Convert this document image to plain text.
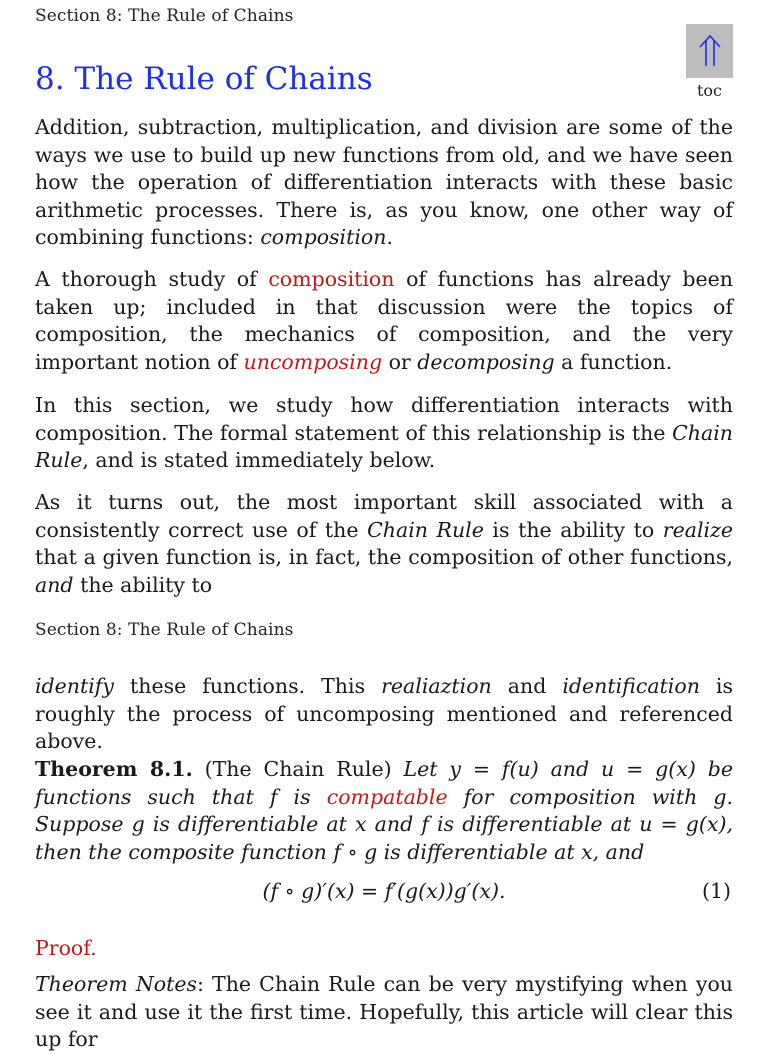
Section 8: The Rule of Chains
toc
8. The Rule of Chains

Addition, subtraction, multiplication, and division are some of the ways we use to build up new functions from old, and we have seen how the operation of differentiation interacts with these basic arithmetic processes. There is, as you know, one other way of combining functions: composition.

A thorough study of composition of functions has already been taken up; included in that discussion were the topics of composition, the mechanics of composition, and the very important notion of uncomposing or decomposing a function.

In this section, we study how differentiation interacts with composition. The formal statement of this relationship is the Chain Rule, and is stated immediately below.

As it turns out, the most important skill associated with a consistently correct use of the Chain Rule is the ability to realize that a given function is, in fact, the composition of other functions, and the ability to

Section 8: The Rule of Chains

identify these functions. This realiaztion and identification is roughly the process of uncomposing mentioned and referenced above.

Theorem 8.1. (The Chain Rule) Let y = f(u) and u = g(x) be functions such that f is compatable for composition with g. Suppose g is differentiable at x and f is differentiable at u = g(x), then the composite function f ∘ g is differentiable at x, and

(f ∘ g)′(x) = f′(g(x))g′(x).	(1)
Proof.

Theorem Notes: The Chain Rule can be very mystifying when you see it and use it the first time. Hopefully, this article will clear this up for
